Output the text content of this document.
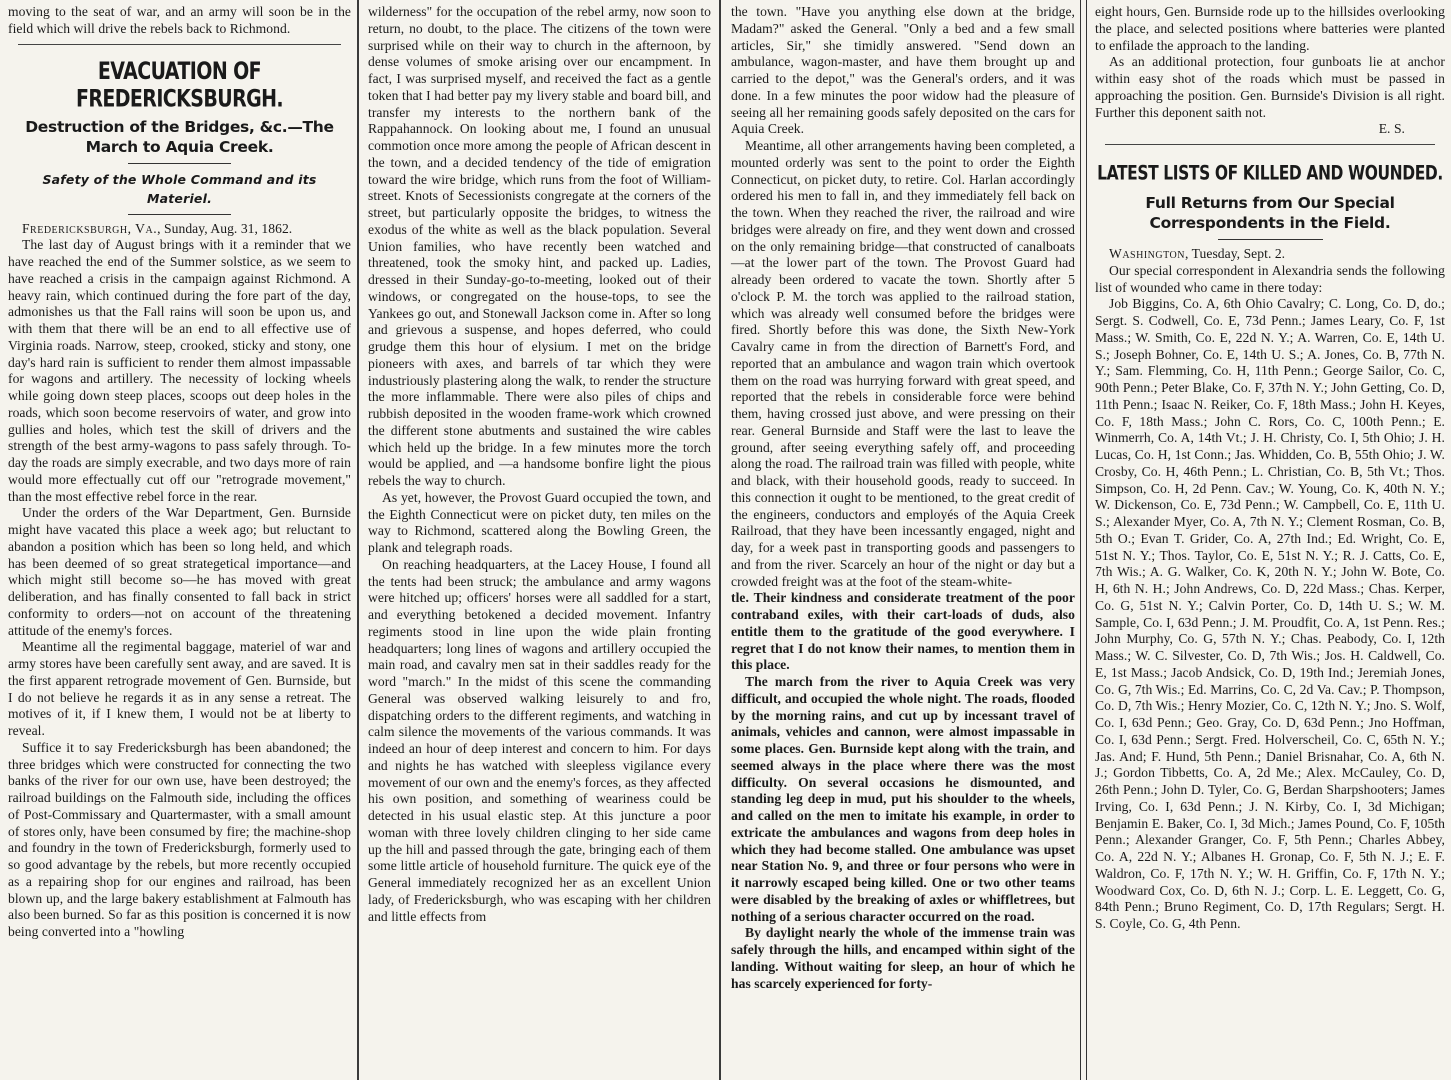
moving to the seat of war, and an army will soon be in the field which will drive the rebels back to Richmond.

EVACUATION OF FREDERICKSBURGH.
Destruction of the Bridges, &c.—The March to Aquia Creek.
Safety of the Whole Command and its Materiel.

Fredericksburgh, Va., Sunday, Aug. 31, 1862.

The last day of August brings with it a reminder that we have reached the end of the Summer solstice, as we seem to have reached a crisis in the campaign against Richmond. A heavy rain, which continued during the fore part of the day, admonishes us that the Fall rains will soon be upon us, and with them that there will be an end to all effective use of Virginia roads. Narrow, steep, crooked, sticky and stony, one day's hard rain is sufficient to render them almost impassable for wagons and artillery. The necessity of locking wheels while going down steep places, scoops out deep holes in the roads, which soon become reservoirs of water, and grow into gullies and holes, which test the skill of drivers and the strength of the best army-wagons to pass safely through. To-day the roads are simply execrable, and two days more of rain would more effectually cut off our "retrograde movement," than the most effective rebel force in the rear.

Under the orders of the War Department, Gen. Burnside might have vacated this place a week ago; but reluctant to abandon a position which has been so long held, and which has been deemed of so great strategetical importance—and which might still become so—he has moved with great deliberation, and has finally consented to fall back in strict conformity to orders—not on account of the threatening attitude of the enemy's forces.

Meantime all the regimental baggage, materiel of war and army stores have been carefully sent away, and are saved. It is the first apparent retrograde movement of Gen. Burnside, but I do not believe he regards it as in any sense a retreat. The motives of it, if I knew them, I would not be at liberty to reveal.

Suffice it to say Fredericksburgh has been abandoned; the three bridges which were constructed for connecting the two banks of the river for our own use, have been destroyed; the railroad buildings on the Falmouth side, including the offices of Post-Commissary and Quartermaster, with a small amount of stores only, have been consumed by fire; the machine-shop and foundry in the town of Fredericksburgh, formerly used to so good advantage by the rebels, but more recently occupied as a repairing shop for our engines and railroad, has been blown up, and the large bakery establishment at Falmouth has also been burned. So far as this position is concerned it is now being converted into a "howling

wilderness" for the occupation of the rebel army, now soon to return, no doubt, to the place. The citizens of the town were surprised while on their way to church in the afternoon, by dense volumes of smoke arising over our encampment. In fact, I was surprised myself, and received the fact as a gentle token that I had better pay my livery stable and board bill, and transfer my interests to the northern bank of the Rappahannock. On looking about me, I found an unusual commotion once more among the people of African descent in the town, and a decided tendency of the tide of emigration toward the wire bridge, which runs from the foot of William-street. Knots of Secessionists congregate at the corners of the street, but particularly opposite the bridges, to witness the exodus of the white as well as the black population. Several Union families, who have recently been watched and threatened, took the smoky hint, and packed up. Ladies, dressed in their Sunday-go-to-meeting, looked out of their windows, or congregated on the house-tops, to see the Yankees go out, and Stonewall Jackson come in. After so long and grievous a suspense, and hopes deferred, who could grudge them this hour of elysium. I met on the bridge pioneers with axes, and barrels of tar which they were industriously plastering along the walk, to render the structure the more inflammable. There were also piles of chips and rubbish deposited in the wooden frame-work which crowned the different stone abutments and sustained the wire cables which held up the bridge. In a few minutes more the torch would be applied, and —a handsome bonfire light the pious rebels the way to church.

As yet, however, the Provost Guard occupied the town, and the Eighth Connecticut were on picket duty, ten miles on the way to Richmond, scattered along the Bowling Green, the plank and telegraph roads.

On reaching headquarters, at the Lacey House, I found all the tents had been struck; the ambulance and army wagons were hitched up; officers' horses were all saddled for a start, and everything betokened a decided movement. Infantry regiments stood in line upon the wide plain fronting headquarters; long lines of wagons and artillery occupied the main road, and cavalry men sat in their saddles ready for the word "march." In the midst of this scene the commanding General was observed walking leisurely to and fro, dispatching orders to the different regiments, and watching in calm silence the movements of the various commands. It was indeed an hour of deep interest and concern to him. For days and nights he has watched with sleepless vigilance every movement of our own and the enemy's forces, as they affected his own position, and something of weariness could be detected in his usual elastic step. At this juncture a poor woman with three lovely children clinging to her side came up the hill and passed through the gate, bringing each of them some little article of household furniture. The quick eye of the General immediately recognized her as an excellent Union lady, of Fredericksburgh, who was escaping with her children and little effects from

the town. "Have you anything else down at the bridge, Madam?" asked the General. "Only a bed and a few small articles, Sir," she timidly answered. "Send down an ambulance, wagon-master, and have them brought up and carried to the depot," was the General's orders, and it was done. In a few minutes the poor widow had the pleasure of seeing all her remaining goods safely deposited on the cars for Aquia Creek.

Meantime, all other arrangements having been completed, a mounted orderly was sent to the point to order the Eighth Connecticut, on picket duty, to retire. Col. Harlan accordingly ordered his men to fall in, and they immediately fell back on the town. When they reached the river, the railroad and wire bridges were already on fire, and they went down and crossed on the only remaining bridge—that constructed of canalboats—at the lower part of the town. The Provost Guard had already been ordered to vacate the town. Shortly after 5 o'clock P. M. the torch was applied to the railroad station, which was already well consumed before the bridges were fired. Shortly before this was done, the Sixth New-York Cavalry came in from the direction of Barnett's Ford, and reported that an ambulance and wagon train which overtook them on the road was hurrying forward with great speed, and reported that the rebels in considerable force were behind them, having crossed just above, and were pressing on their rear. General Burnside and Staff were the last to leave the ground, after seeing everything safely off, and proceeding along the road. The railroad train was filled with people, white and black, with their household goods, ready to succeed. In this connection it ought to be mentioned, to the great credit of the engineers, conductors and employés of the Aquia Creek Railroad, that they have been incessantly engaged, night and day, for a week past in transporting goods and passengers to and from the river. Scarcely an hour of the night or day but a crowded freight was at the foot of the steam-white-

tle. Their kindness and considerate treatment of the poor contraband exiles, with their cart-loads of duds, also entitle them to the gratitude of the good everywhere. I regret that I do not know their names, to mention them in this place.

The march from the river to Aquia Creek was very difficult, and occupied the whole night. The roads, flooded by the morning rains, and cut up by incessant travel of animals, vehicles and cannon, were almost impassable in some places. Gen. Burnside kept along with the train, and seemed always in the place where there was the most difficulty. On several occasions he dismounted, and standing leg deep in mud, put his shoulder to the wheels, and called on the men to imitate his example, in order to extricate the ambulances and wagons from deep holes in which they had become stalled. One ambulance was upset near Station No. 9, and three or four persons who were in it narrowly escaped being killed. One or two other teams were disabled by the breaking of axles or whiffletrees, but nothing of a serious character occurred on the road.

By daylight nearly the whole of the immense train was safely through the hills, and encamped within sight of the landing. Without waiting for sleep, an hour of which he has scarcely experienced for forty-

eight hours, Gen. Burnside rode up to the hillsides overlooking the place, and selected positions where batteries were planted to enfilade the approach to the landing.

As an additional protection, four gunboats lie at anchor within easy shot of the roads which must be passed in approaching the position. Gen. Burnside's Division is all right. Further this deponent saith not.

E. S.

LATEST LISTS OF KILLED AND WOUNDED.
Full Returns from Our Special Correspondents in the Field.

Washington, Tuesday, Sept. 2.

Our special correspondent in Alexandria sends the following list of wounded who came in there today:

Job Biggins, Co. A, 6th Ohio Cavalry; C. Long, Co. D, do.; Sergt. S. Codwell, Co. E, 73d Penn.; James Leary, Co. F, 1st Mass.; W. Smith, Co. E, 22d N. Y.; A. Warren, Co. E, 14th U. S.; Joseph Bohner, Co. E, 14th U. S.; A. Jones, Co. B, 77th N. Y.; Sam. Flemming, Co. H, 11th Penn.; George Sailor, Co. C, 90th Penn.; Peter Blake, Co. F, 37th N. Y.; John Getting, Co. D, 11th Penn.; Isaac N. Reiker, Co. F, 18th Mass.; John H. Keyes, Co. F, 18th Mass.; John C. Rors, Co. C, 100th Penn.; E. Winmerrh, Co. A, 14th Vt.; J. H. Christy, Co. I, 5th Ohio; J. H. Lucas, Co. H, 1st Conn.; Jas. Whidden, Co. B, 55th Ohio; J. W. Crosby, Co. H, 46th Penn.; L. Christian, Co. B, 5th Vt.; Thos. Simpson, Co. H, 2d Penn. Cav.; W. Young, Co. K, 40th N. Y.; W. Dickenson, Co. E, 73d Penn.; W. Campbell, Co. E, 11th U. S.; Alexander Myer, Co. A, 7th N. Y.; Clement Rosman, Co. B, 5th O.; Evan T. Grider, Co. A, 27th Ind.; Ed. Wright, Co. E, 51st N. Y.; Thos. Taylor, Co. E, 51st N. Y.; R. J. Catts, Co. E, 7th Wis.; A. G. Walker, Co. K, 20th N. Y.; John W. Bote, Co. H, 6th N. H.; John Andrews, Co. D, 22d Mass.; Chas. Kerper, Co. G, 51st N. Y.; Calvin Porter, Co. D, 14th U. S.; W. M. Sample, Co. I, 63d Penn.; J. M. Proudfit, Co. A, 1st Penn. Res.; John Murphy, Co. G, 57th N. Y.; Chas. Peabody, Co. I, 12th Mass.; W. C. Silvester, Co. D, 7th Wis.; Jos. H. Caldwell, Co. E, 1st Mass.; Jacob Andsick, Co. D, 19th Ind.; Jeremiah Jones, Co. G, 7th Wis.; Ed. Marrins, Co. C, 2d Va. Cav.; P. Thompson, Co. D, 7th Wis.; Henry Mozier, Co. C, 12th N. Y.; Jno. S. Wolf, Co. I, 63d Penn.; Geo. Gray, Co. D, 63d Penn.; Jno Hoffman, Co. I, 63d Penn.; Sergt. Fred. Holverscheil, Co. C, 65th N. Y.; Jas. And; F. Hund, 5th Penn.; Daniel Brisnahar, Co. A, 6th N. J.; Gordon Tibbetts, Co. A, 2d Me.; Alex. McCauley, Co. D, 26th Penn.; John D. Tyler, Co. G, Berdan Sharpshooters; James Irving, Co. I, 63d Penn.; J. N. Kirby, Co. I, 3d Michigan; Benjamin E. Baker, Co. I, 3d Mich.; James Pound, Co. F, 105th Penn.; Alexander Granger, Co. F, 5th Penn.; Charles Abbey, Co. A, 22d N. Y.; Albanes H. Gronap, Co. F, 5th N. J.; E. F. Waldron, Co. F, 17th N. Y.; W. H. Griffin, Co. F, 17th N. Y.; Woodward Cox, Co. D, 6th N. J.; Corp. L. E. Leggett, Co. G, 84th Penn.; Bruno Regiment, Co. D, 17th Regulars; Sergt. H. S. Coyle, Co. G, 4th Penn.
